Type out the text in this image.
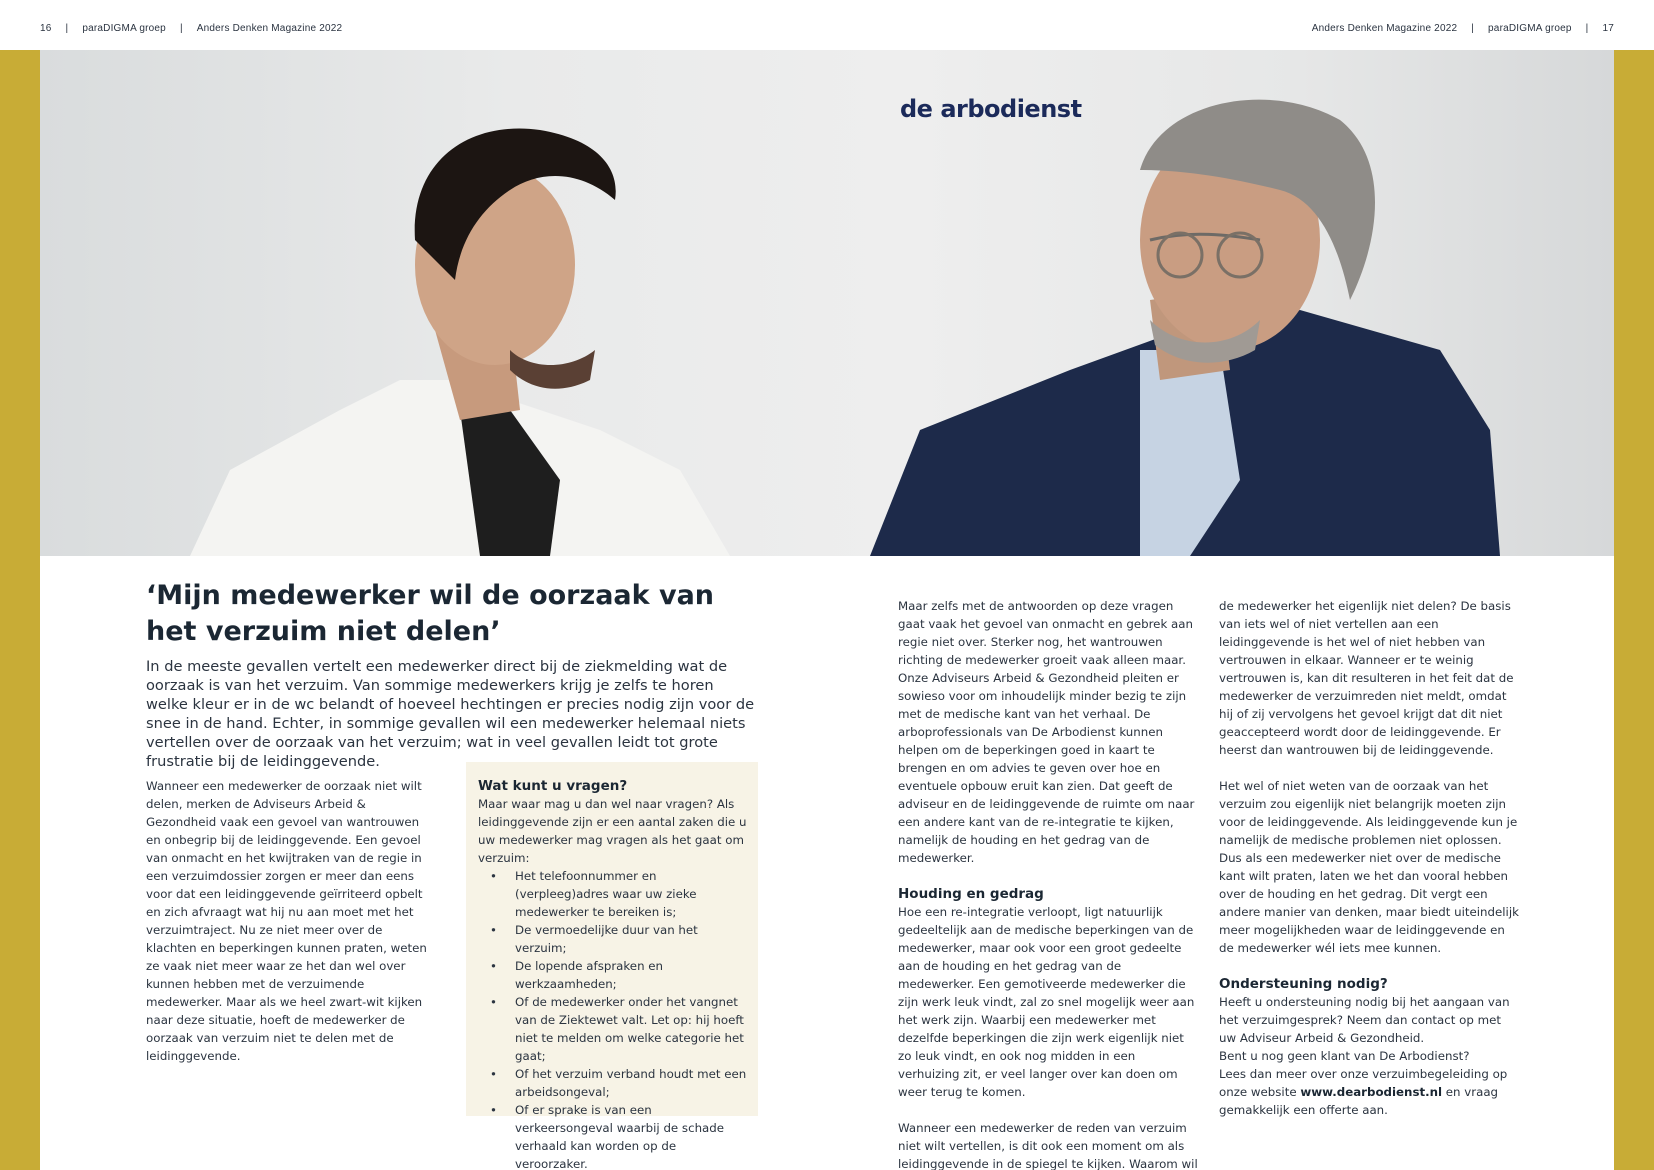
16 | paraDIGMA groep | Anders Denken Magazine 2022	Anders Denken Magazine 2022 | paraDIGMA groep | 17
de arbodienst
‘Mijn medewerker wil de oorzaak van het verzuim niet delen’

In de meeste gevallen vertelt een medewerker direct bij de ziekmelding wat de oorzaak is van het verzuim. Van sommige medewerkers krijg je zelfs te horen welke kleur er in de wc belandt of hoeveel hechtingen er precies nodig zijn voor de snee in de hand. Echter, in sommige gevallen wil een medewerker helemaal niets vertellen over de oorzaak van het verzuim; wat in veel gevallen leidt tot grote frustratie bij de leidinggevende.

Wanneer een medewerker de oorzaak niet wilt delen, merken de Adviseurs Arbeid & Gezondheid vaak een gevoel van wantrouwen en onbegrip bij de leidinggevende. Een gevoel van onmacht en het kwijtraken van de regie in een verzuimdossier zorgen er meer dan eens voor dat een leidinggevende geïrriteerd opbelt en zich afvraagt wat hij nu aan moet met het verzuimtraject. Nu ze niet meer over de klachten en beperkingen kunnen praten, weten ze vaak niet meer waar ze het dan wel over kunnen hebben met de verzuimende medewerker. Maar als we heel zwart-wit kijken naar deze situatie, hoeft de medewerker de oorzaak van verzuim niet te delen met de leidinggevende.

Wat kunt u vragen?

Maar waar mag u dan wel naar vragen? Als leidinggevende zijn er een aantal zaken die u uw medewerker mag vragen als het gaat om verzuim:

• Het telefoonnummer en (verpleeg)adres waar uw zieke medewerker te bereiken is;
• De vermoedelijke duur van het verzuim;
• De lopende afspraken en werkzaamheden;
• Of de medewerker onder het vangnet van de Ziektewet valt. Let op: hij hoeft niet te melden om welke categorie het gaat;
• Of het verzuim verband houdt met een arbeidsongeval;
• Of er sprake is van een verkeersongeval waarbij de schade verhaald kan worden op de veroorzaker.

Maar zelfs met de antwoorden op deze vragen gaat vaak het gevoel van onmacht en gebrek aan regie niet over. Sterker nog, het wantrouwen richting de medewerker groeit vaak alleen maar. Onze Adviseurs Arbeid & Gezondheid pleiten er sowieso voor om inhoudelijk minder bezig te zijn met de medische kant van het verhaal. De arboprofessionals van De Arbodienst kunnen helpen om de beperkingen goed in kaart te brengen en om advies te geven over hoe en eventuele opbouw eruit kan zien. Dat geeft de adviseur en de leidinggevende de ruimte om naar een andere kant van de re-integratie te kijken, namelijk de houding en het gedrag van de medewerker.

Houding en gedrag

Hoe een re-integratie verloopt, ligt natuurlijk gedeeltelijk aan de medische beperkingen van de medewerker, maar ook voor een groot gedeelte aan de houding en het gedrag van de medewerker. Een gemotiveerde medewerker die zijn werk leuk vindt, zal zo snel mogelijk weer aan het werk zijn. Waarbij een medewerker met dezelfde beperkingen die zijn werk eigenlijk niet zo leuk vindt, en ook nog midden in een verhuizing zit, er veel langer over kan doen om weer terug te komen.

Wanneer een medewerker de reden van verzuim niet wilt vertellen, is dit ook een moment om als leidinggevende in de spiegel te kijken. Waarom wil

de medewerker het eigenlijk niet delen? De basis van iets wel of niet vertellen aan een leidinggevende is het wel of niet hebben van vertrouwen in elkaar. Wanneer er te weinig vertrouwen is, kan dit resulteren in het feit dat de medewerker de verzuimreden niet meldt, omdat hij of zij vervolgens het gevoel krijgt dat dit niet geaccepteerd wordt door de leidinggevende. Er heerst dan wantrouwen bij de leidinggevende.

Het wel of niet weten van de oorzaak van het verzuim zou eigenlijk niet belangrijk moeten zijn voor de leidinggevende. Als leidinggevende kun je namelijk de medische problemen niet oplossen. Dus als een medewerker niet over de medische kant wilt praten, laten we het dan vooral hebben over de houding en het gedrag. Dit vergt een andere manier van denken, maar biedt uiteindelijk meer mogelijkheden waar de leidinggevende en de medewerker wél iets mee kunnen.

Ondersteuning nodig?

Heeft u ondersteuning nodig bij het aangaan van het verzuimgesprek? Neem dan contact op met uw Adviseur Arbeid & Gezondheid.
Bent u nog geen klant van De Arbodienst?
Lees dan meer over onze verzuimbegeleiding op onze website www.dearbodienst.nl en vraag gemakkelijk een offerte aan.
